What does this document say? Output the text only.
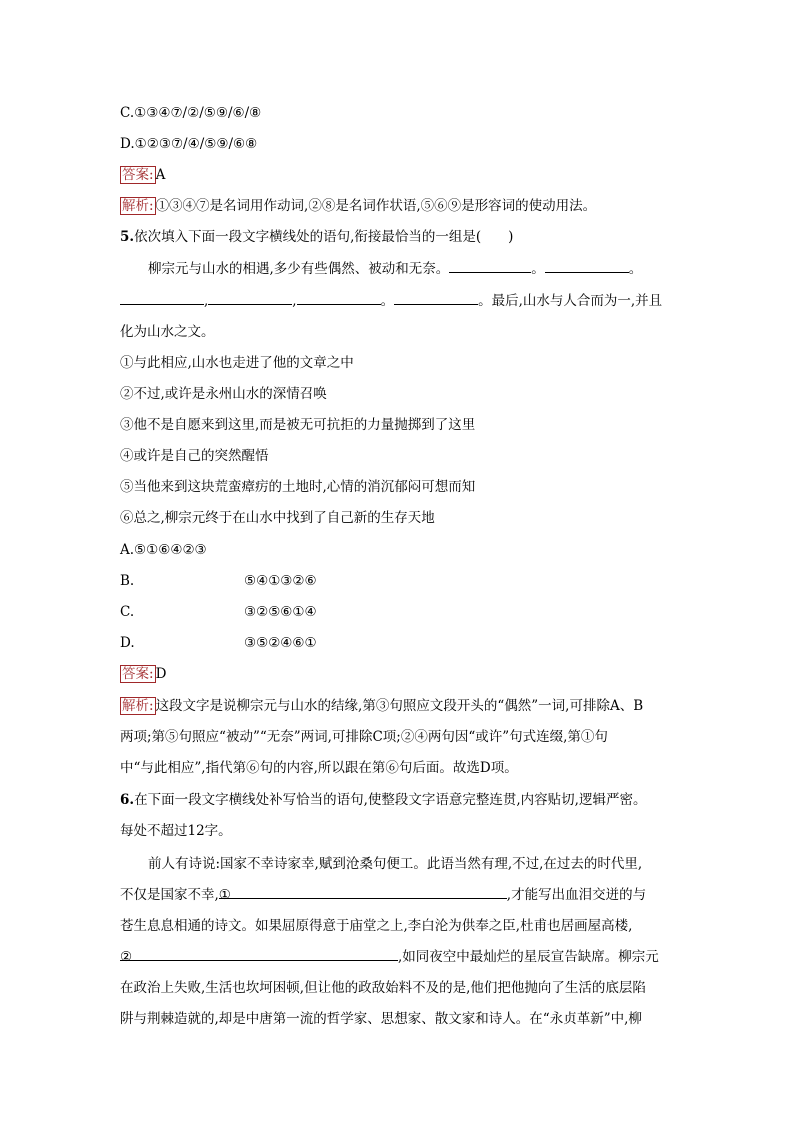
C.①③④⑦/②/⑤⑨/⑥/⑧
D.①②③⑦/④/⑤⑨/⑥⑧
答案: A
解析: ①③④⑦是名词用作动词,②⑧是名词作状语,⑤⑥⑨是形容词的使动用法。
5.依次填入下面一段文字横线处的语句,衔接最恰当的一组是(　　)
柳宗元与山水的相遇,多少有些偶然、被动和无奈。	。	。
,	,	。	。最后,山水与人合而为一,并且
化为山水之文。
①与此相应,山水也走进了他的文章之中
②不过,或许是永州山水的深情召唤
③他不是自愿来到这里,而是被无可抗拒的力量抛掷到了这里
④或许是自己的突然醒悟
⑤当他来到这块荒蛮瘴疠的土地时,心情的消沉郁闷可想而知
⑥总之,柳宗元终于在山水中找到了自己新的生存天地
A.⑤①⑥④②③
B.	⑤④①③②⑥
C.	③②⑤⑥①④
D.	③⑤②④⑥①
答案: D
解析: 这段文字是说柳宗元与山水的结缘,第③句照应文段开头的“偶然”一词,可排除A、B
两项;第⑤句照应“被动”“无奈”两词,可排除C项;②④两句因“或许”句式连缀,第①句
中“与此相应”,指代第⑥句的内容,所以跟在第⑥句后面。故选D项。
6.在下面一段文字横线处补写恰当的语句,使整段文字语意完整连贯,内容贴切,逻辑严密。
每处不超过12字。
前人有诗说:国家不幸诗家幸,赋到沧桑句便工。此语当然有理,不过,在过去的时代里,
不仅是国家不幸,①	,才能写出血泪交迸的与
苍生息息相通的诗文。如果屈原得意于庙堂之上,李白沦为供奉之臣,杜甫也居画屋高楼,
②	,如同夜空中最灿烂的星辰宣告缺席。柳宗元
在政治上失败,生活也坎坷困顿,但让他的政敌始料不及的是,他们把他抛向了生活的底层陷
阱与荆棘造就的,却是中唐第一流的哲学家、思想家、散文家和诗人。在“永贞革新”中,柳
